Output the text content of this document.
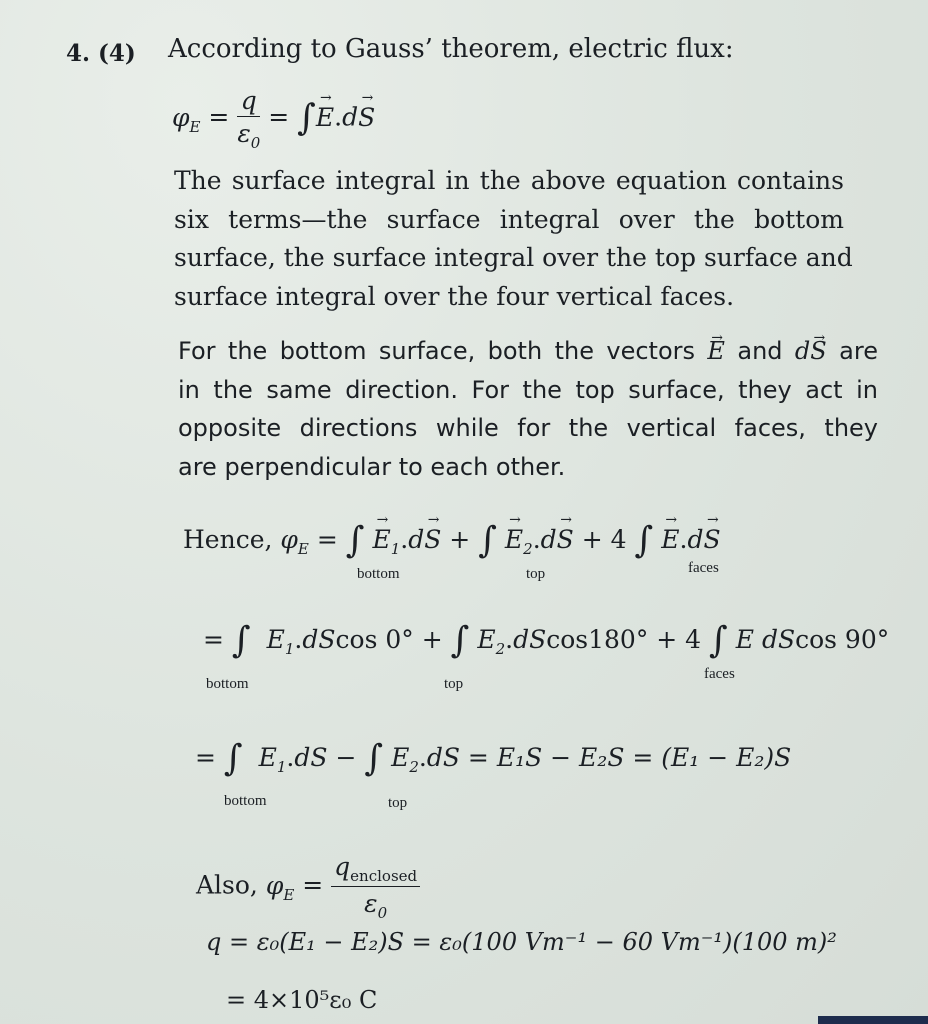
4. (4) According to Gauss’ theorem, electric flux:
$\varphi_E = \frac{q}{\varepsilon_0}$ = ∫→ E.d→ S
The surface integral in the above equation contains
six terms—the surface integral over the bottom
surface, the surface integral over the top surface and
surface integral over the four vertical faces.
For the bottom surface, both the vectors → E and d→ S are
in the same direction. For the top surface, they act in
opposite directions while for the vertical faces, they
are perpendicular to each other.
Hence, $\varphi_E$ = ∫ → $E_1.d\to S$ + ∫ → $E_2.d\to S + 4$ ∫ → E.d→ S
bottom	top	faces
= ∫ $E_1.dScos$ 0° + ∫ $E_2.dScos180^\circ + 4$ ∫ E dScos 90°
bottom	top
faces
= ∫ $E_1.dS$ − ∫ $E_2.dS = E_1S - E_2S = (E_1 - E_2)S$
bottom	top
Also, $\varphi_E = \frac{q_{enclosed}}{\varepsilon_0}$
q = ε₀(E₁ − E₂)S = ε₀(100 Vm⁻¹ − 60 Vm⁻¹)(100 m)²
= 4×10⁵ε₀ C
